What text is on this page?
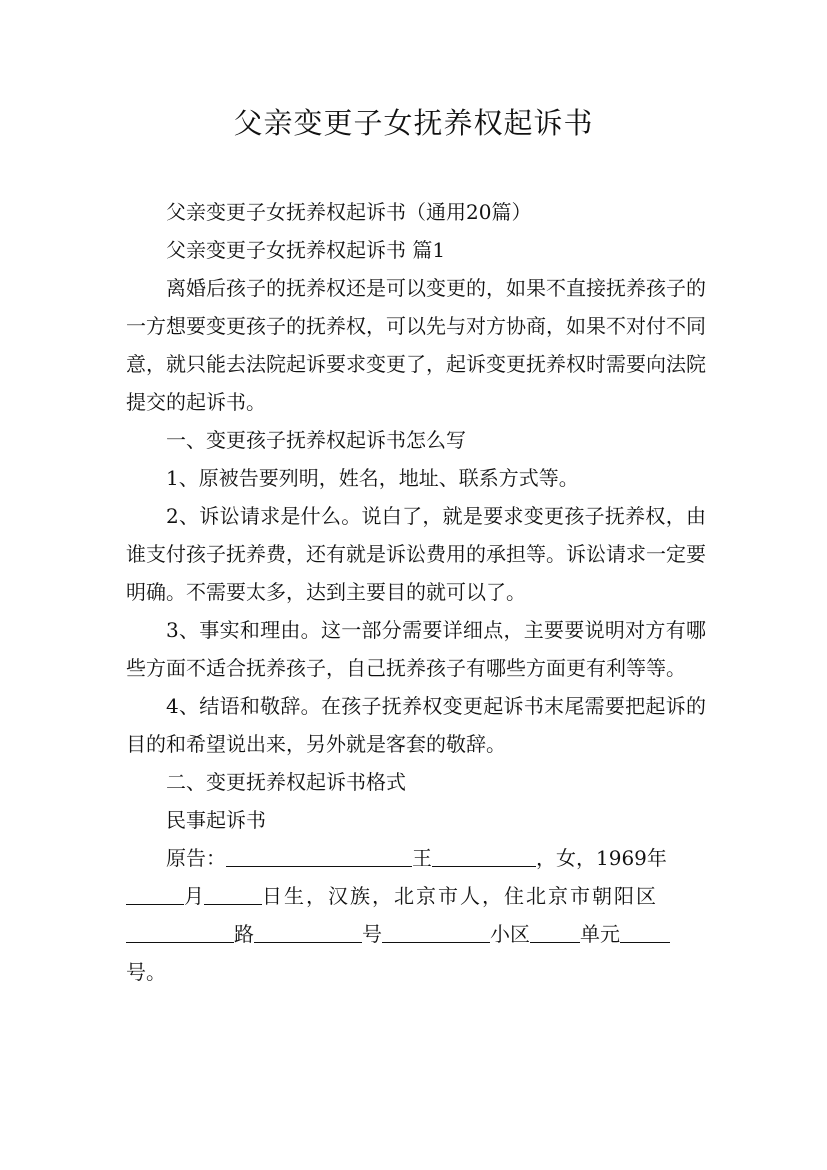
父亲变更子女抚养权起诉书

父亲变更子女抚养权起诉书（通用20篇）

父亲变更子女抚养权起诉书 篇1

离婚后孩子的抚养权还是可以变更的，如果不直接抚养孩子的一方想要变更孩子的抚养权，可以先与对方协商，如果不对付不同意，就只能去法院起诉要求变更了，起诉变更抚养权时需要向法院提交的起诉书。

一、变更孩子抚养权起诉书怎么写

1、原被告要列明，姓名，地址、联系方式等。

2、诉讼请求是什么。说白了，就是要求变更孩子抚养权，由谁支付孩子抚养费，还有就是诉讼费用的承担等。诉讼请求一定要明确。不需要太多，达到主要目的就可以了。

3、事实和理由。这一部分需要详细点，主要要说明对方有哪些方面不适合抚养孩子，自己抚养孩子有哪些方面更有利等等。

4、结语和敬辞。在孩子抚养权变更起诉书末尾需要把起诉的目的和希望说出来，另外就是客套的敬辞。

二、变更抚养权起诉书格式

民事起诉书

原告：	王	，女，1969年
月	日生，汉族，北京市人，住北京市朝阳区
路	号	小区	单元
号。
